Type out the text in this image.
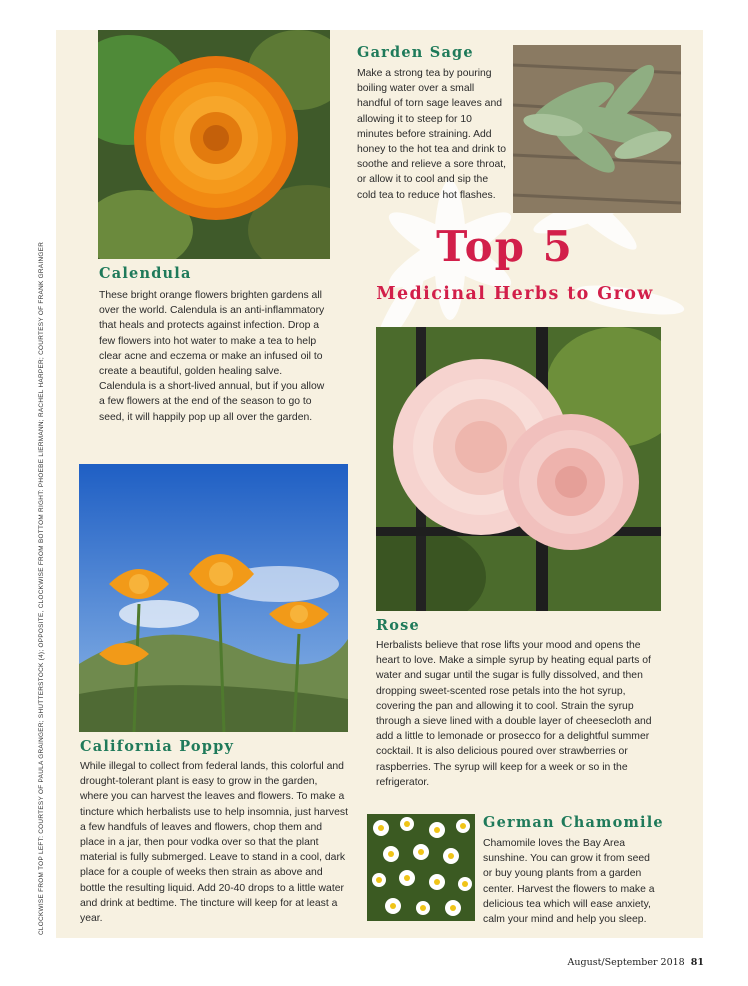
Garden Sage

Make a strong tea by pouring boiling water over a small handful of torn sage leaves and allowing it to steep for 10 minutes before straining. Add honey to the hot tea and drink to soothe and relieve a sore throat, or allow it to cool and sip the cold tea to reduce hot flashes.

Top 5
Medicinal Herbs to Grow
Calendula

These bright orange flowers brighten gardens all over the world. Calendula is an anti-inflammatory that heals and protects against infection. Drop a few flowers into hot water to make a tea to help clear acne and eczema or make an infused oil to create a beautiful, golden healing salve. Calendula is a short-lived annual, but if you allow a few flowers at the end of the season to go to seed, it will happily pop up all over the garden.

Rose

Herbalists believe that rose lifts your mood and opens the heart to love. Make a simple syrup by heating equal parts of water and sugar until the sugar is fully dissolved, and then dropping sweet-scented rose petals into the hot syrup, covering the pan and allowing it to cool. Strain the syrup through a sieve lined with a double layer of cheesecloth and add a little to lemonade or prosecco for a delightful summer cocktail. It is also delicious poured over strawberries or raspberries. The syrup will keep for a week or so in the refrigerator.

California Poppy

While illegal to collect from federal lands, this colorful and drought-tolerant plant is easy to grow in the garden, where you can harvest the leaves and flowers. To make a tincture which herbalists use to help insomnia, just harvest a few handfuls of leaves and flowers, chop them and place in a jar, then pour vodka over so that the plant material is fully submerged. Leave to stand in a cool, dark place for a couple of weeks then strain as above and bottle the resulting liquid. Add 20-40 drops to a little water and drink at bedtime. The tincture will keep for at least a year.

German Chamomile

Chamomile loves the Bay Area sunshine. You can grow it from seed or buy young plants from a garden center. Harvest the flowers to make a delicious tea which will ease anxiety, calm your mind and help you sleep.

CLOCKWISE FROM TOP LEFT: COURTESY OF PAULA GRAINGER; SHUTTERSTOCK (4); OPPOSITE, CLOCKWISE FROM BOTTOM RIGHT: PHOEBE LIERMANN; RACHEL HARPER; COURTESY OF FRANK GRAINGER
August/September 2018 81
